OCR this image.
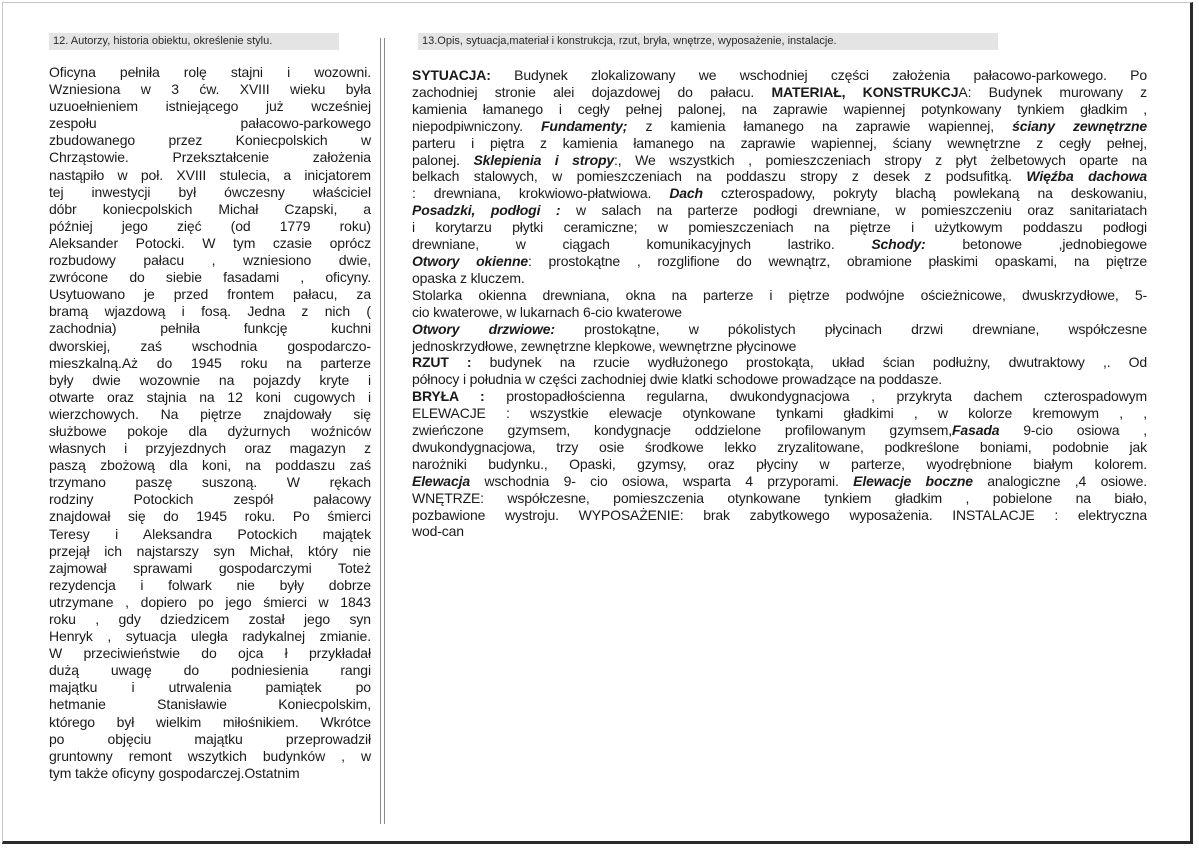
12. Autorzy, historia obiektu, określenie stylu.	13.Opis, sytuacja,materiał i konstrukcja, rzut, bryła, wnętrze, wyposażenie, instalacje.
Oficyna pełniła rolę stajni i wozowni.
Wzniesiona w 3 ćw. XVIII wieku była
uzuoełnieniem istniejącego już wcześniej
zespołu pałacowo-parkowego
zbudowanego przez Koniecpolskich w
Chrząstowie. Przekształcenie założenia
nastąpiło w poł. XVIII stulecia, a inicjatorem
tej inwestycji był ówczesny właściciel
dóbr koniecpolskich Michał Czapski, a
później jego zięć (od 1779 roku)
Aleksander Potocki. W tym czasie oprócz
rozbudowy pałacu , wzniesiono dwie,
zwrócone do siebie fasadami , oficyny.
Usytuowano je przed frontem pałacu, za
bramą wjazdową i fosą. Jedna z nich (
zachodnia) pełniła funkcję kuchni
dworskiej, zaś wschodnia gospodarczo-
mieszkalną.Aż do 1945 roku na parterze
były dwie wozownie na pojazdy kryte i
otwarte oraz stajnia na 12 koni cugowych i
wierzchowych. Na piętrze znajdowały się
służbowe pokoje dla dyżurnych woźniców
własnych i przyjezdnych oraz magazyn z
paszą zbożową dla koni, na poddaszu zaś
trzymano paszę suszoną. W rękach
rodziny Potockich zespół pałacowy
znajdował się do 1945 roku. Po śmierci
Teresy i Aleksandra Potockich majątek
przejął ich najstarszy syn Michał, który nie
zajmował sprawami gospodarczymi Toteż
rezydencja i folwark nie były dobrze
utrzymane , dopiero po jego śmierci w 1843
roku , gdy dziedzicem został jego syn
Henryk , sytuacja uległa radykalnej zmianie.
W przeciwieństwie do ojca ł przykładał
dużą uwagę do podniesienia rangi
majątku i utrwalenia pamiątek po
hetmanie Stanisławie Koniecpolskim,
którego był wielkim miłośnikiem. Wkrótce
po objęciu majątku przeprowadził
gruntowny remont wszytkich budynków , w
tym także oficyny gospodarczej.Ostatnim
SYTUACJA: Budynek zlokalizowany we wschodniej części założenia pałacowo-parkowego. Po
zachodniej stronie alei dojazdowej do pałacu. MATERIAŁ, KONSTRUKCJA: Budynek murowany z
kamienia łamanego i cegły pełnej palonej, na zaprawie wapiennej potynkowany tynkiem gładkim ,
niepodpiwniczony. Fundamenty; z kamienia łamanego na zaprawie wapiennej, ściany zewnętrzne
parteru i piętra z kamienia łamanego na zaprawie wapiennej, ściany wewnętrzne z cegły pełnej,
palonej. Sklepienia i stropy:, We wszystkich , pomieszczeniach stropy z płyt żelbetowych oparte na
belkach stalowych, w pomieszczeniach na poddaszu stropy z desek z podsufitką. Więźba dachowa
: drewniana, krokwiowo-płatwiowa. Dach czterospadowy, pokryty blachą powlekaną na deskowaniu,
Posadzki, podłogi : w salach na parterze podłogi drewniane, w pomieszczeniu oraz sanitariatach
i korytarzu płytki ceramiczne; w pomieszczeniach na piętrze i użytkowym poddaszu podłogi
drewniane, w ciągach komunikacyjnych lastriko. Schody: betonowe ,jednobiegowe
Otwory okienne: prostokątne , rozglifione do wewnątrz, obramione płaskimi opaskami, na piętrze
opaska z kluczem.
Stolarka okienna drewniana, okna na parterze i piętrze podwójne ościeżnicowe, dwuskrzydłowe, 5-
cio kwaterowe, w lukarnach 6-cio kwaterowe
Otwory drzwiowe: prostokątne, w pókolistych płycinach drzwi drewniane, współczesne
jednoskrzydłowe, zewnętrzne klepkowe, wewnętrzne płycinowe
RZUT : budynek na rzucie wydłużonego prostokąta, układ ścian podłużny, dwutraktowy ,. Od
północy i południa w części zachodniej dwie klatki schodowe prowadzące na poddasze.
BRYŁA : prostopadłościenna regularna, dwukondygnacjowa , przykryta dachem czterospadowym
ELEWACJE : wszystkie elewacje otynkowane tynkami gładkimi , w kolorze kremowym , ,
zwieńczone gzymsem, kondygnacje oddzielone profilowanym gzymsem,Fasada 9-cio osiowa ,
dwukondygnacjowa, trzy osie środkowe lekko zryzalitowane, podkreślone boniami, podobnie jak
narożniki budynku., Opaski, gzymsy, oraz płyciny w parterze, wyodrębnione białym kolorem.
Elewacja wschodnia 9- cio osiowa, wsparta 4 przyporami. Elewacje boczne analogiczne ,4 osiowe.
WNĘTRZE: współczesne, pomieszczenia otynkowane tynkiem gładkim , pobielone na biało,
pozbawione wystroju. WYPOSAŻENIE: brak zabytkowego wyposażenia. INSTALACJE : elektryczna
wod-can
